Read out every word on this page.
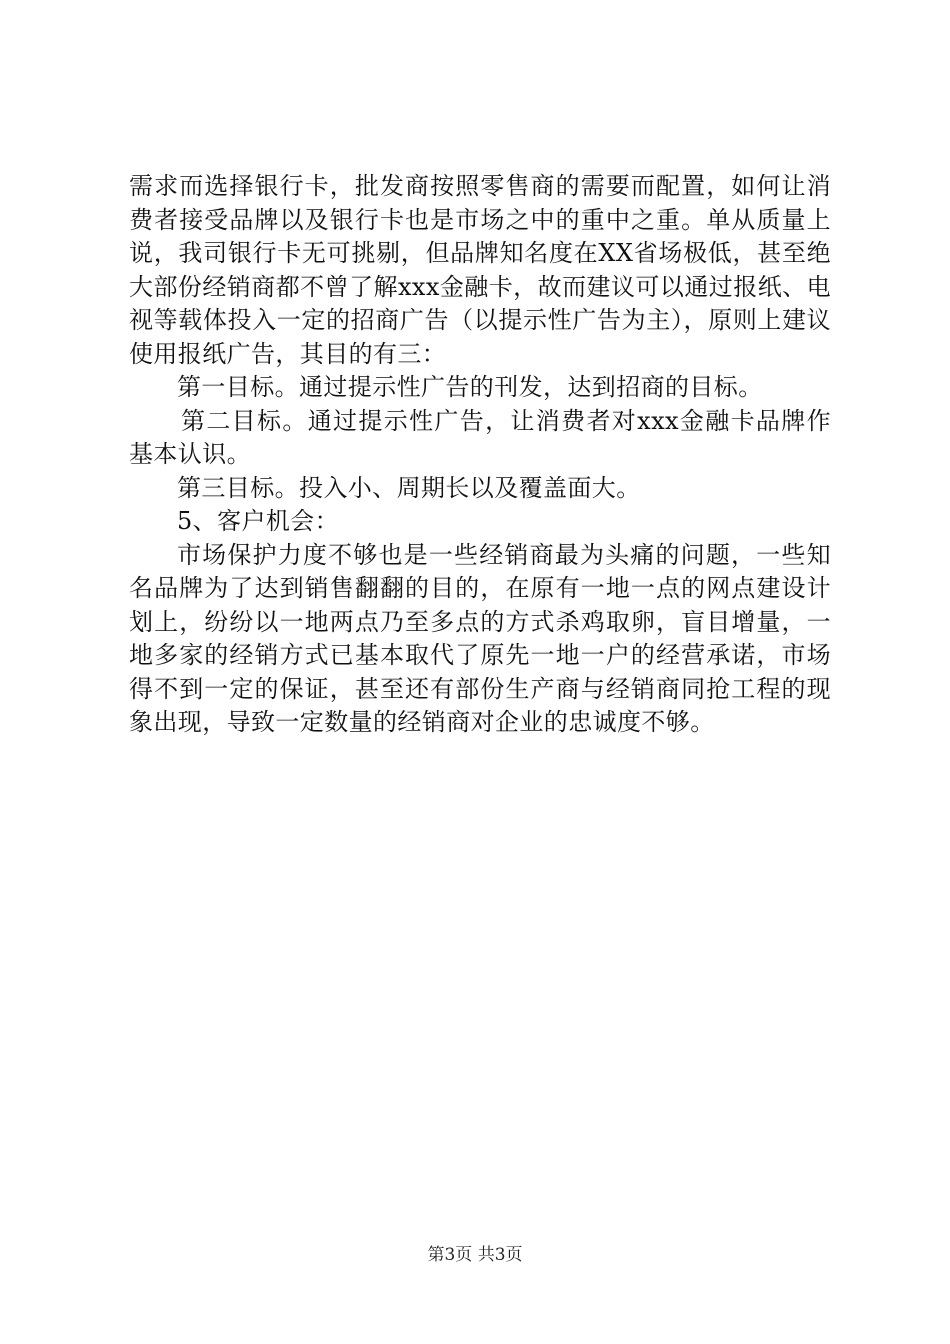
需求而选择银行卡，批发商按照零售商的需要而配置，如何让消费者接受品牌以及银行卡也是市场之中的重中之重。单从质量上说，我司银行卡无可挑剔，但品牌知名度在XX省场极低，甚至绝大部份经销商都不曾了解xxx金融卡，故而建议可以通过报纸、电视等载体投入一定的招商广告（以提示性广告为主），原则上建议使用报纸广告，其目的有三：

第一目标。通过提示性广告的刊发，达到招商的目标。

第二目标。通过提示性广告，让消费者对xxx金融卡品牌作基本认识。

第三目标。投入小、周期长以及覆盖面大。

5、客户机会：

市场保护力度不够也是一些经销商最为头痛的问题，一些知名品牌为了达到销售翻翻的目的，在原有一地一点的网点建设计划上，纷纷以一地两点乃至多点的方式杀鸡取卵，盲目增量，一地多家的经销方式已基本取代了原先一地一户的经营承诺，市场得不到一定的保证，甚至还有部份生产商与经销商同抢工程的现象出现，导致一定数量的经销商对企业的忠诚度不够。

第3页 共3页
